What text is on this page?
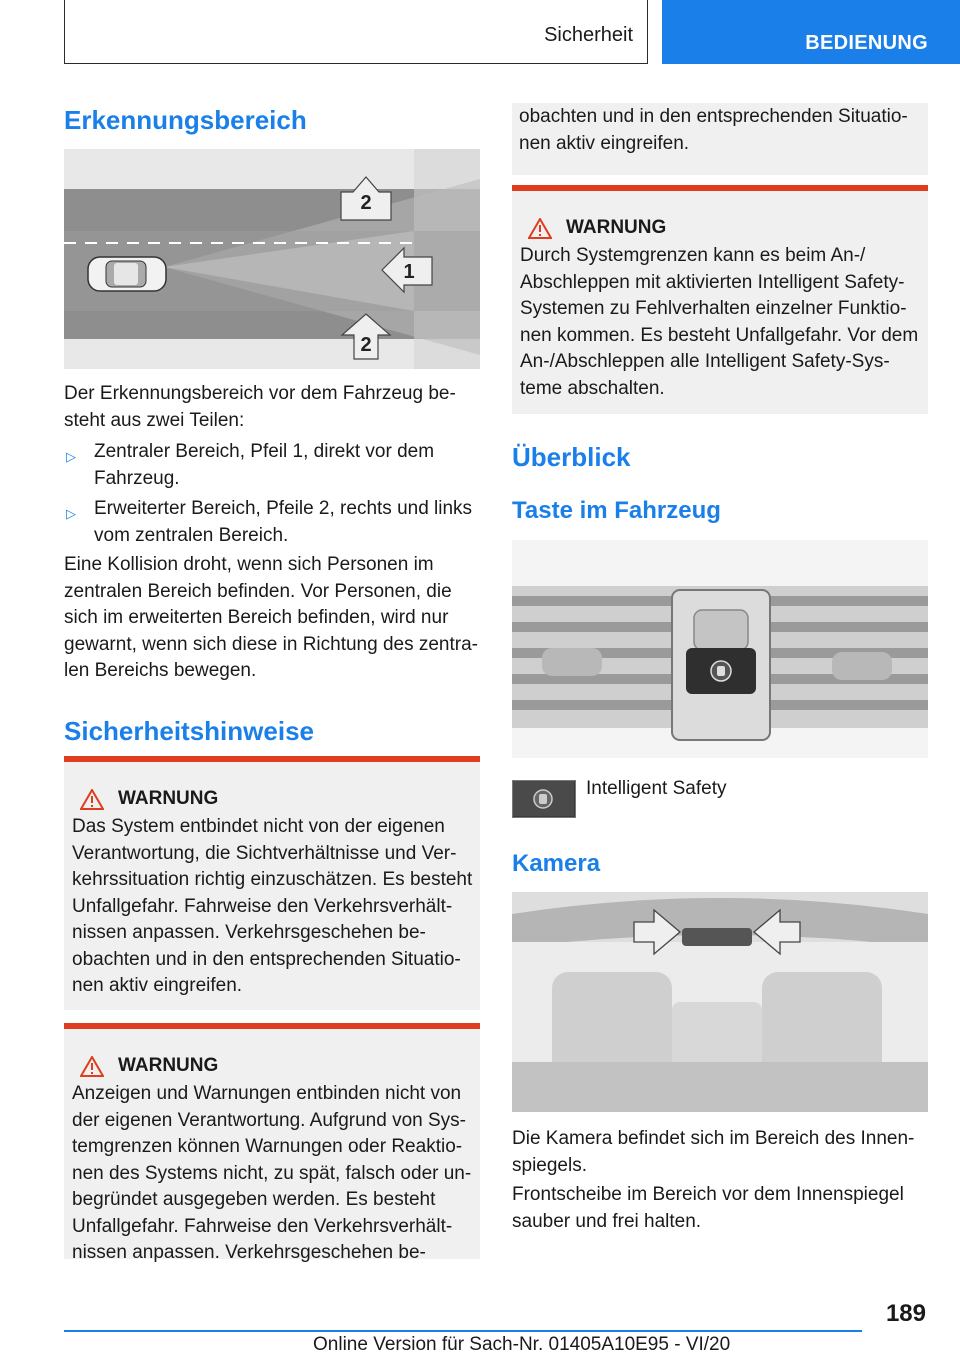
Sicherheit	BEDIENUNG
Erkennungsbereich
2
1
2
Der Erkennungsbereich vor dem Fahrzeug be-steht aus zwei Teilen:
▷ Zentraler Bereich, Pfeil 1, direkt vor dem Fahrzeug.
▷ Erweiterter Bereich, Pfeile 2, rechts und links vom zentralen Bereich.
Eine Kollision droht, wenn sich Personen im zentralen Bereich befinden. Vor Personen, die sich im erweiterten Bereich befinden, wird nur gewarnt, wenn sich diese in Richtung des zentra-len Bereichs bewegen.
Sicherheitshinweise
WARNUNG
Das System entbindet nicht von der eigenen Verantwortung, die Sichtverhältnisse und Ver-kehrssituation richtig einzuschätzen. Es besteht Unfallgefahr. Fahrweise den Verkehrsverhält-nissen anpassen. Verkehrsgeschehen be-obachten und in den entsprechenden Situatio-nen aktiv eingreifen.
WARNUNG
Anzeigen und Warnungen entbinden nicht von der eigenen Verantwortung. Aufgrund von Sys-temgrenzen können Warnungen oder Reaktio-nen des Systems nicht, zu spät, falsch oder un-begründet ausgegeben werden. Es besteht Unfallgefahr. Fahrweise den Verkehrsverhält-nissen anpassen. Verkehrsgeschehen be-
obachten und in den entsprechenden Situatio-nen aktiv eingreifen.
WARNUNG
Durch Systemgrenzen kann es beim An-/ Abschleppen mit aktivierten Intelligent Safety-Systemen zu Fehlverhalten einzelner Funktio-nen kommen. Es besteht Unfallgefahr. Vor dem An-/Abschleppen alle Intelligent Safety-Sys-teme abschalten.
Überblick
Taste im Fahrzeug
Intelligent Safety
Kamera
Die Kamera befindet sich im Bereich des Innen-spiegels.
Frontscheibe im Bereich vor dem Innenspiegel sauber und frei halten.
189
Online Version für Sach-Nr. 01405A10E95 - VI/20
